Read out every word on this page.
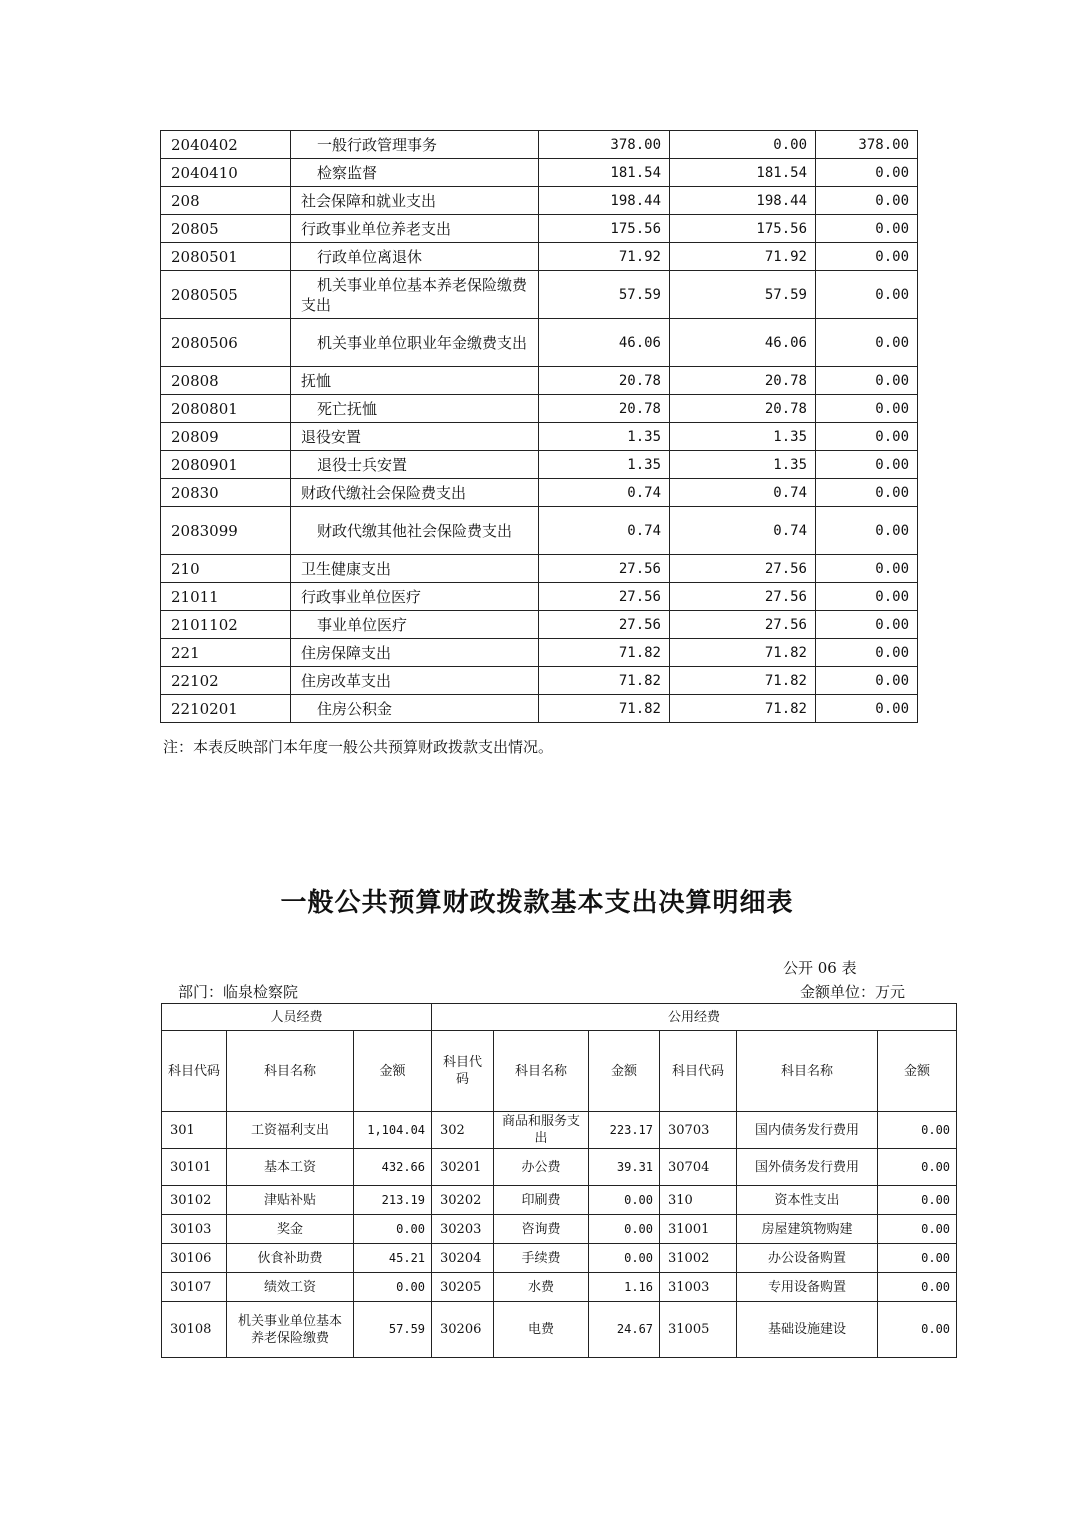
2040402	一般行政管理事务	378.00	0.00	378.00
2040410	检察监督	181.54	181.54	0.00
208	社会保障和就业支出	198.44	198.44	0.00
20805	行政事业单位养老支出	175.56	175.56	0.00
2080501	行政单位离退休	71.92	71.92	0.00
2080505	机关事业单位基本养老保险缴费支出	57.59	57.59	0.00
2080506	机关事业单位职业年金缴费支出	46.06	46.06	0.00
20808	抚恤	20.78	20.78	0.00
2080801	死亡抚恤	20.78	20.78	0.00
20809	退役安置	1.35	1.35	0.00
2080901	退役士兵安置	1.35	1.35	0.00
20830	财政代缴社会保险费支出	0.74	0.74	0.00
2083099	财政代缴其他社会保险费支出	0.74	0.74	0.00
210	卫生健康支出	27.56	27.56	0.00
21011	行政事业单位医疗	27.56	27.56	0.00
2101102	事业单位医疗	27.56	27.56	0.00
221	住房保障支出	71.82	71.82	0.00
22102	住房改革支出	71.82	71.82	0.00
2210201	住房公积金	71.82	71.82	0.00
注：本表反映部门本年度一般公共预算财政拨款支出情况。
一般公共预算财政拨款基本支出决算明细表
公开 06 表
部门：临泉检察院	金额单位：万元
人员经费			公用经费					
科目代码	科目名称	金额	科目代码	科目名称	金额	科目代码	科目名称	金额
301	工资福利支出	1,104.04	302	商品和服务支出	223.17	30703	国内债务发行费用	0.00
30101	基本工资	432.66	30201	办公费	39.31	30704	国外债务发行费用	0.00
30102	津贴补贴	213.19	30202	印刷费	0.00	310	资本性支出	0.00
30103	奖金	0.00	30203	咨询费	0.00	31001	房屋建筑物购建	0.00
30106	伙食补助费	45.21	30204	手续费	0.00	31002	办公设备购置	0.00
30107	绩效工资	0.00	30205	水费	1.16	31003	专用设备购置	0.00
30108	机关事业单位基本养老保险缴费	57.59	30206	电费	24.67	31005	基础设施建设	0.00
